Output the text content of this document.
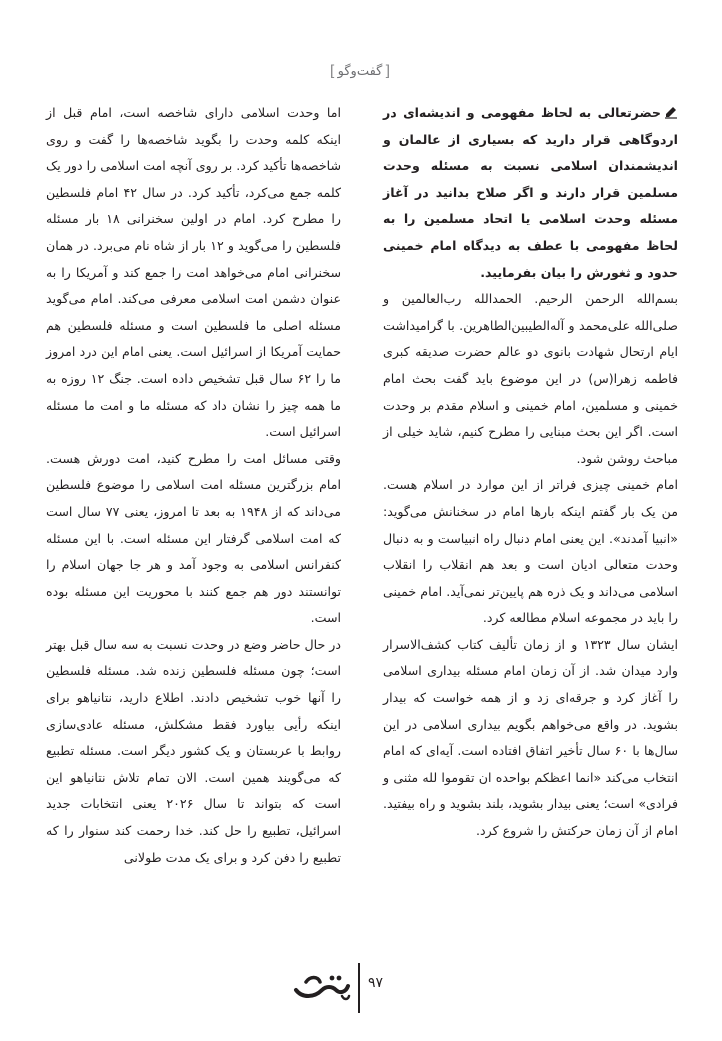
[ گفت‌وگو ]

حضرتعالی به لحاظ مفهومی و اندیشه‌ای در اردوگاهی قرار دارید که بسیاری از عالمان و اندیشمندان اسلامی نسبت به مسئله وحدت مسلمین قرار دارند و اگر صلاح بدانید در آغاز مسئله وحدت اسلامی یا اتحاد مسلمین را به لحاظ مفهومی با عطف به دیدگاه امام خمینی حدود و ثغورش را بیان بفرمایید.

بسم‌الله الرحمن الرحیم. الحمدالله رب‌العالمین و صلی‌الله علی‌محمد و آله‌الطیبین‌الطاهرین. با گرامیداشت ایام ارتحال شهادت بانوی دو عالم حضرت صدیقه کبری فاطمه زهرا(س) در این موضوع باید گفت بحث امام خمینی و مسلمین، امام خمینی و اسلام مقدم بر وحدت است. اگر این بحث مبنایی را مطرح کنیم، شاید خیلی از مباحث روشن شود.

امام خمینی چیزی فراتر از این موارد در اسلام هست. من یک بار گفتم اینکه بارها امام در سخنانش می‌گوید: «انبیا آمدند». این یعنی امام دنبال راه انبیاست و به دنبال وحدت متعالی ادیان است و بعد هم انقلاب را انقلاب اسلامی می‌داند و یک ذره هم پایین‌تر نمی‌آید. امام خمینی را باید در مجموعه اسلام مطالعه کرد.

ایشان سال ۱۳۲۳ و از زمان تألیف کتاب کشف‌الاسرار وارد میدان شد. از آن زمان امام مسئله بیداری اسلامی را آغاز کرد و جرقه‌ای زد و از همه خواست که بیدار بشوید. در واقع می‌خواهم بگویم بیداری اسلامی در این سال‌ها با ۶۰ سال تأخیر اتفاق افتاده است. آیه‌ای که امام انتخاب می‌کند «انما اعظکم بواحده ان تقوموا لله مثنی و فرادی» است؛ یعنی بیدار بشوید، بلند بشوید و راه بیفتید. امام از آن زمان حرکتش را شروع کرد.

اما وحدت اسلامی دارای شاخصه است، امام قبل از اینکه کلمه وحدت را بگوید شاخصه‌ها را گفت و روی شاخصه‌ها تأکید کرد. بر روی آنچه امت اسلامی را دور یک کلمه جمع می‌کرد، تأکید کرد. در سال ۴۲ امام فلسطین را مطرح کرد. امام در اولین سخنرانی ۱۸ بار مسئله فلسطین را می‌گوید و ۱۲ بار از شاه نام می‌برد. در همان سخنرانی امام می‌خواهد امت را جمع کند و آمریکا را به عنوان دشمن امت اسلامی معرفی می‌کند. امام می‌گوید مسئله اصلی ما فلسطین است و مسئله فلسطین هم حمایت آمریکا از اسرائیل است. یعنی امام این درد امروز ما را ۶۲ سال قبل تشخیص داده است. جنگ ۱۲ روزه به ما همه چیز را نشان داد که مسئله ما و امت ما مسئله اسرائیل است.

وقتی مسائل امت را مطرح کنید، امت دورش هست. امام بزرگترین مسئله امت اسلامی را موضوع فلسطین می‌داند که از ۱۹۴۸ به بعد تا امروز، یعنی ۷۷ سال است که امت اسلامی گرفتار این مسئله است. با این مسئله کنفرانس اسلامی به وجود آمد و هر جا جهان اسلام را توانستند دور هم جمع کنند با محوریت این مسئله بوده است.

در حال حاضر وضع در وحدت نسبت به سه سال قبل بهتر است؛ چون مسئله فلسطین زنده شد. مسئله فلسطین را آنها خوب تشخیص دادند. اطلاع دارید، نتانیاهو برای اینکه رأیی بیاورد فقط مشکلش، مسئله عادی‌سازی روابط با عربستان و یک کشور دیگر است. مسئله تطبیع که می‌گویند همین است. الان تمام تلاش نتانیاهو این است که بتواند تا سال ۲۰۲۶ یعنی انتخابات جدید اسرائیل، تطبیع را حل کند. خدا رحمت کند سنوار را که تطبیع را دفن کرد و برای یک مدت طولانی

۹۷
